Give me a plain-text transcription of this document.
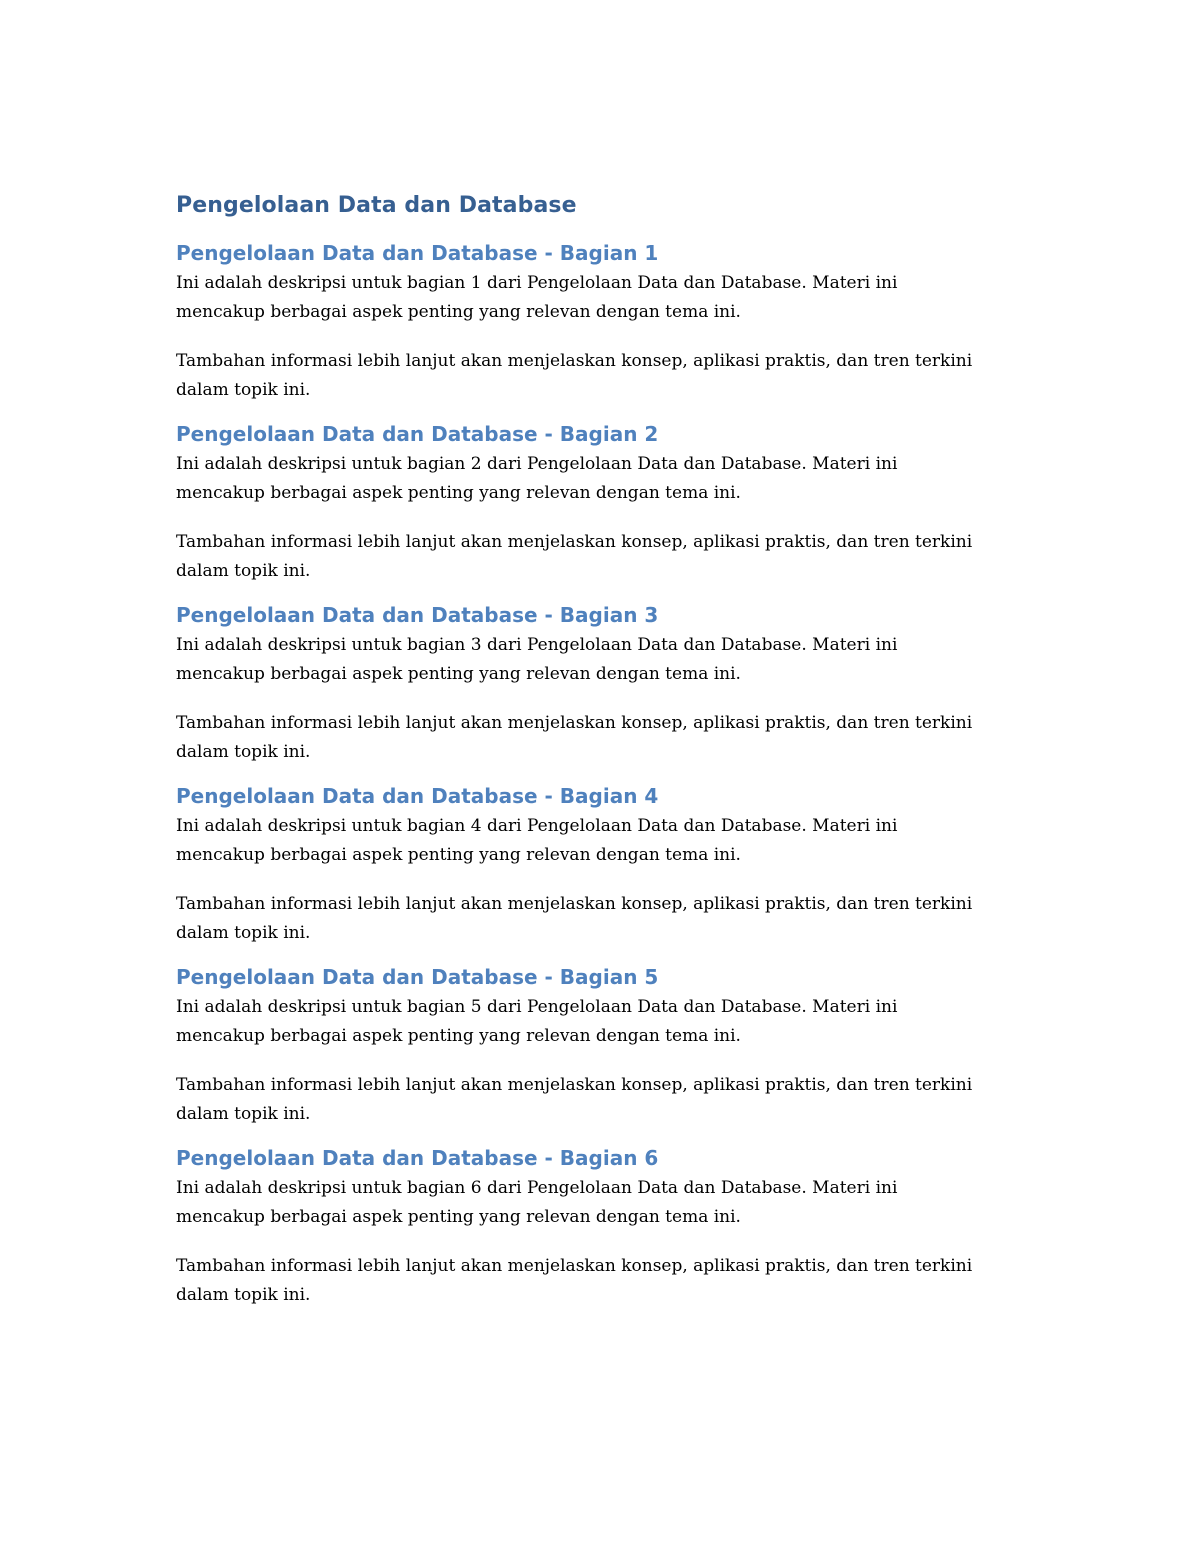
Pengelolaan Data dan Database
Pengelolaan Data dan Database - Bagian 1

Ini adalah deskripsi untuk bagian 1 dari Pengelolaan Data dan Database. Materi ini
mencakup berbagai aspek penting yang relevan dengan tema ini.

Tambahan informasi lebih lanjut akan menjelaskan konsep, aplikasi praktis, dan tren terkini
dalam topik ini.

Pengelolaan Data dan Database - Bagian 2

Ini adalah deskripsi untuk bagian 2 dari Pengelolaan Data dan Database. Materi ini
mencakup berbagai aspek penting yang relevan dengan tema ini.

Tambahan informasi lebih lanjut akan menjelaskan konsep, aplikasi praktis, dan tren terkini
dalam topik ini.

Pengelolaan Data dan Database - Bagian 3

Ini adalah deskripsi untuk bagian 3 dari Pengelolaan Data dan Database. Materi ini
mencakup berbagai aspek penting yang relevan dengan tema ini.

Tambahan informasi lebih lanjut akan menjelaskan konsep, aplikasi praktis, dan tren terkini
dalam topik ini.

Pengelolaan Data dan Database - Bagian 4

Ini adalah deskripsi untuk bagian 4 dari Pengelolaan Data dan Database. Materi ini
mencakup berbagai aspek penting yang relevan dengan tema ini.

Tambahan informasi lebih lanjut akan menjelaskan konsep, aplikasi praktis, dan tren terkini
dalam topik ini.

Pengelolaan Data dan Database - Bagian 5

Ini adalah deskripsi untuk bagian 5 dari Pengelolaan Data dan Database. Materi ini
mencakup berbagai aspek penting yang relevan dengan tema ini.

Tambahan informasi lebih lanjut akan menjelaskan konsep, aplikasi praktis, dan tren terkini
dalam topik ini.

Pengelolaan Data dan Database - Bagian 6

Ini adalah deskripsi untuk bagian 6 dari Pengelolaan Data dan Database. Materi ini
mencakup berbagai aspek penting yang relevan dengan tema ini.

Tambahan informasi lebih lanjut akan menjelaskan konsep, aplikasi praktis, dan tren terkini
dalam topik ini.
